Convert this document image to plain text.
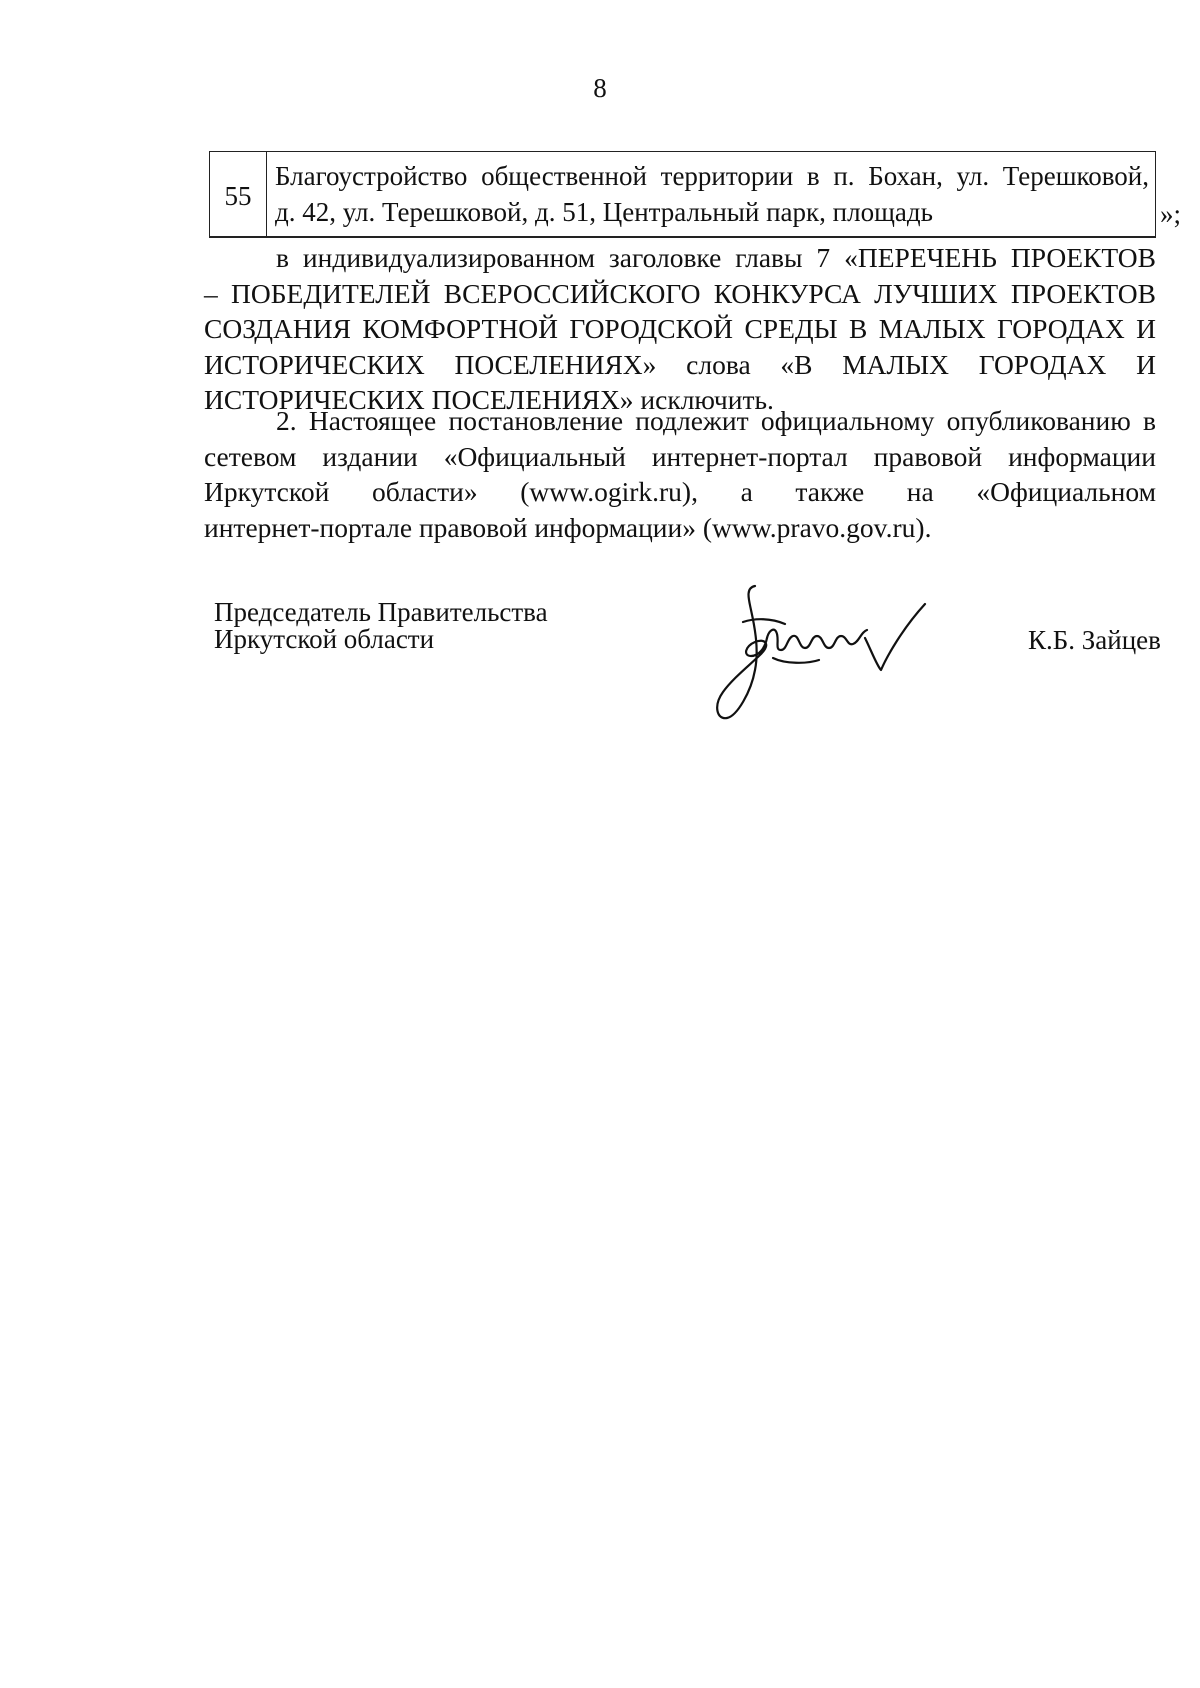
8
55
Благоустройство общественной территории в п. Бохан, ул. Терешковой,
д. 42, ул. Терешковой, д. 51, Центральный парк, площадь	»;
в индивидуализированном заголовке главы 7 «ПЕРЕЧЕНЬ ПРОЕКТОВ
– ПОБЕДИТЕЛЕЙ ВСЕРОССИЙСКОГО КОНКУРСА ЛУЧШИХ ПРОЕКТОВ
СОЗДАНИЯ КОМФОРТНОЙ ГОРОДСКОЙ СРЕДЫ В МАЛЫХ ГОРОДАХ И
ИСТОРИЧЕСКИХ ПОСЕЛЕНИЯХ» слова «В МАЛЫХ ГОРОДАХ И
ИСТОРИЧЕСКИХ ПОСЕЛЕНИЯХ» исключить.
2. Настоящее постановление подлежит официальному опубликованию в
сетевом издании «Официальный интернет-портал правовой информации
Иркутской области» (www.ogirk.ru), а также на «Официальном
интернет-портале правовой информации» (www.pravo.gov.ru).
Председатель Правительства
Иркутской области	К.Б. Зайцев
